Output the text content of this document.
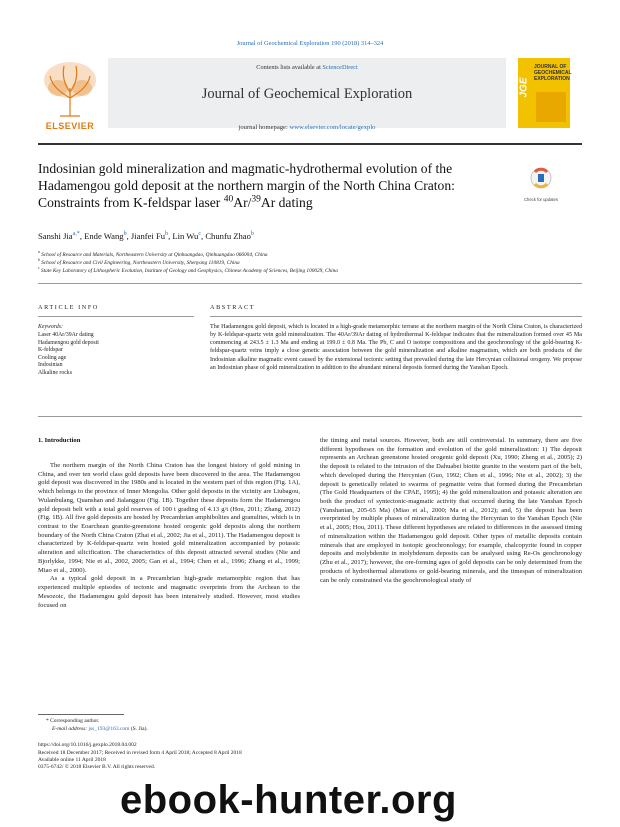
Journal of Geochemical Exploration 190 (2018) 314–324
ELSEVIER
Contents lists available at ScienceDirect
Journal of Geochemical Exploration
journal homepage: www.elsevier.com/locate/gexplo
JOURNAL OF GEOCHEMICAL EXPLORATION
JGE
Indosinian gold mineralization and magmatic-hydrothermal evolution of the Hadamengou gold deposit at the northern margin of the North China Craton: Constraints from K-feldspar laser $^{40}$Ar/$^{39}$Ar dating	Check for updates
Sanshi Jia$^{a,*}$, Ende Wang$^b$, Jianfei Fu$^b$, Lin Wu$^c$, Chunfu Zhao$^b$
$^a$ School of Resource and Materials, Northeastern University at Qinhuangdao, Qinhuangdao 066004, China
$^b$ School of Resource and Civil Engineering, Northeastern University, Shenyang 110819, China
$^c$ State Key Laboratory of Lithospheric Evolution, Institute of Geology and Geophysics, Chinese Academy of Sciences, Beijing 100029, China
ARTICLE INFO	ABSTRACT
Keywords:
Laser 40Ar/39Ar dating
Hadamengou gold deposit
K-feldspar
Cooling age
Indosinian
Alkaline rocks
The Hadamengou gold deposit, which is located in a high-grade metamorphic terrane at the northern margin of the North China Craton, is characterized by K-feldspar-quartz vein gold mineralization. The 40Ar/39Ar dating of hydrothermal K-feldspar indicates that the mineralization formed over 45 Ma commencing at 243.5 ± 1.3 Ma and ending at 199.0 ± 0.8 Ma. The Pb, C and O isotope compositions and the geochronology of the gold-bearing K-feldspar-quartz veins imply a close genetic association between the gold mineralization and alkaline magmatism, which are both products of the Indosinian alkaline magmatic event caused by the extensional tectonic setting that prevailed during the late Hercynian collisional orogeny. We propose an Indosinian phase of gold mineralization in addition to the abundant mineral deposits formed during the Yanshan Epoch.
1. Introduction

The northern margin of the North China Craton has the longest history of gold mining in China, and over ten world class gold deposits have been discovered in the area. The Hadamengou gold deposit was discovered in the 1980s and is located in the western part of this region (Fig. 1A), which belongs to the province of Inner Mongolia. Other gold deposits in the vicinity are Liubagou, Wulanbulang, Quanshan and Jialanggou (Fig. 1B). Together these deposits form the Hadamengou gold deposit belt with a total gold reserves of 100 t grading of 4.13 g/t (Hou, 2011; Zhang, 2012) (Fig. 1B). All five gold deposits are hosted by Precambrian amphibolites and granulites, which is in contrast to the Eoarchean granite-greenstone hosted orogenic gold deposits along the northern boundary of the North China Craton (Zhai et al., 2002; Jia et al., 2011). The Hadamengou deposit is characterized by K-feldspar-quartz vein hosted gold mineralization accompanied by potassic alteration and silicification. The characteristics of this deposit attracted several studies (Nie and Bjorlykke, 1994; Nie et al., 2002, 2005; Gan et al., 1994; Chen et al., 1996; Zhang et al., 1999; Miao et al., 2000).

As a typical gold deposit in a Precambrian high-grade metamorphic region that has experienced multiple episodes of tectonic and magmatic overprints from the Archean to the Mesozoic, the Hadamengou gold deposit has been intensively studied. However, most studies focused on

the timing and metal sources. However, both are still controversial. In summary, there are five different hypotheses on the formation and evolution of the gold mineralization: 1) The deposit represents an Archean greenstone hosted orogenic gold deposit (Xu, 1990; Zheng et al., 2005); 2) the deposit is related to the intrusion of the Dahuabei biotite granite in the western part of the belt, which developed during the Hercynian (Guo, 1992; Chen et al., 1996; Nie et al., 2002); 3) the deposit is genetically related to swarms of pegmatite veins that formed during the Precambrian (The Gold Headquarters of the CPAE, 1995); 4) the gold mineralization and potassic alteration are both the product of syntectonic-magmatic activity that occurred during the late Yanshan Epoch (Yanshanian, 205-65 Ma) (Miao et al., 2000; Ma et al., 2012); and, 5) the deposit has been overprinted by multiple phases of mineralization during the Hercynian to the Yanshan Epoch (Nie et al., 2005; Hou, 2011). These different hypotheses are related to differences in the assessed timing of mineralization within the Hadamengou gold deposit. Other types of metallic deposits contain minerals that are employed in isotopic geochronology; for example, chalcopyrite found in copper deposits and molybdenite in molybdenum deposits can be analysed using Re-Os geochronology (Zhu et al., 2017); however, the ore-forming ages of gold deposits can be only determined from the products of hydrothermal alterations or gold-bearing minerals, and the timespan of mineralization can be only constrained via the geochronological study of

* Corresponding author.
E-mail address: jss_193@163.com (S. Jia).
https://doi.org/10.1016/j.gexplo.2018.04.002
Received 18 December 2017; Received in revised form 4 April 2018; Accepted 8 April 2018
Available online 11 April 2018
0375-6742/ © 2018 Elsevier B.V. All rights reserved.
ebook-hunter.org
